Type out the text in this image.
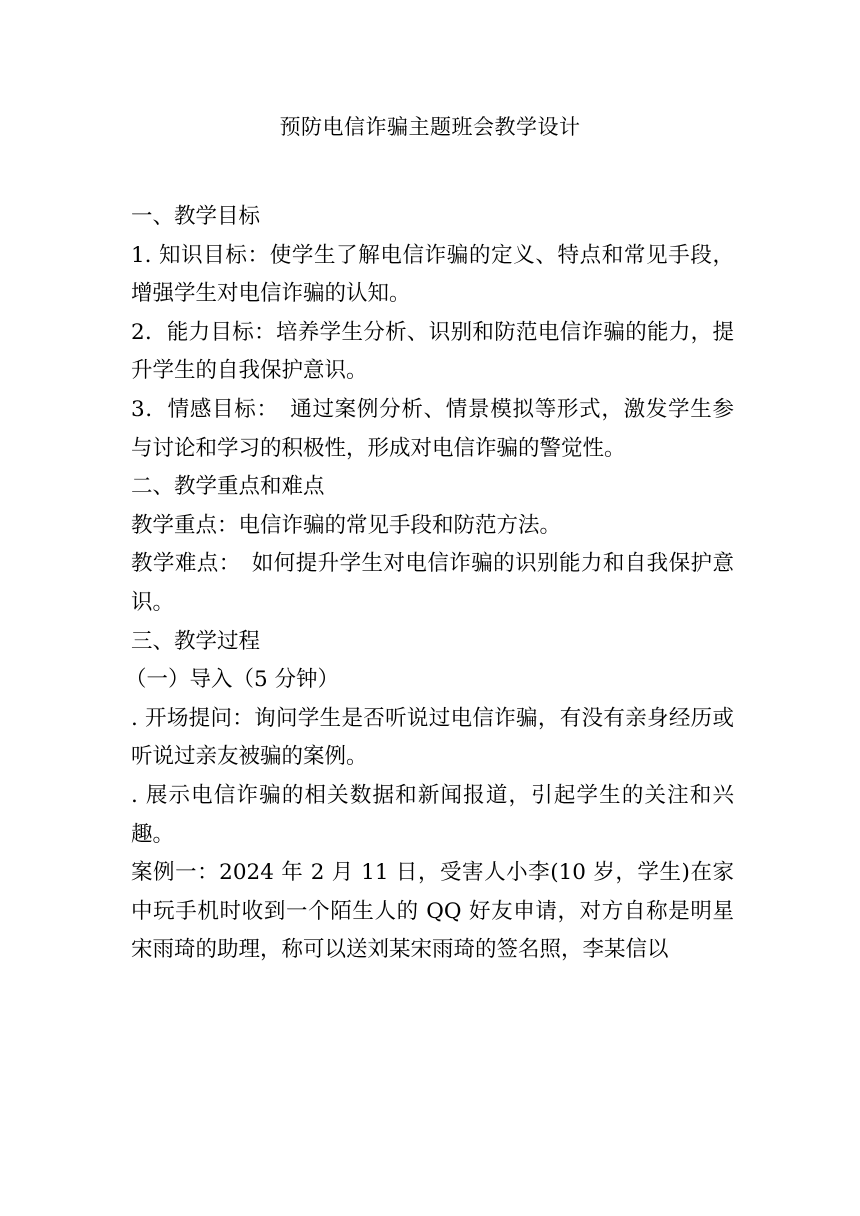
预防电信诈骗主题班会教学设计

一、教学目标

1. 知识目标：使学生了解电信诈骗的定义、特点和常见手段，增强学生对电信诈骗的认知。

2．能力目标：培养学生分析、识别和防范电信诈骗的能力，提升学生的自我保护意识。

3．情感目标：　通过案例分析、情景模拟等形式，激发学生参与讨论和学习的积极性，形成对电信诈骗的警觉性。

二、教学重点和难点

教学重点：电信诈骗的常见手段和防范方法。

教学难点：　如何提升学生对电信诈骗的识别能力和自我保护意识。

三、教学过程

（一）导入（5 分钟）

. 开场提问：询问学生是否听说过电信诈骗，有没有亲身经历或听说过亲友被骗的案例。

. 展示电信诈骗的相关数据和新闻报道，引起学生的关注和兴趣。

案例一：2024 年 2 月 11 日，受害人小李(10 岁，学生)在家中玩手机时收到一个陌生人的 QQ 好友申请，对方自称是明星宋雨琦的助理，称可以送刘某宋雨琦的签名照，李某信以
